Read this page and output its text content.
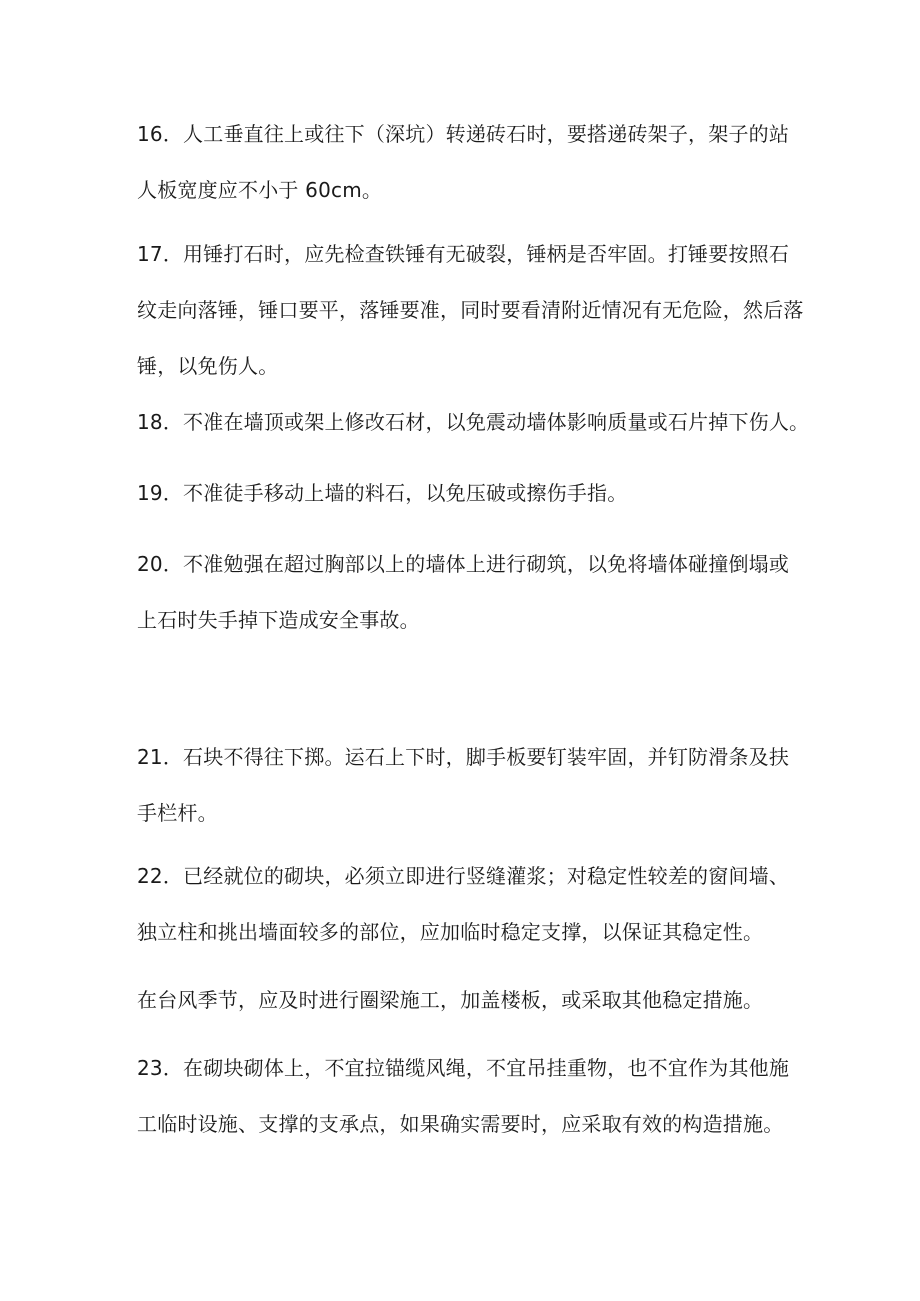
16．人工垂直往上或往下（深坑）转递砖石时，要搭递砖架子，架子的站
人板宽度应不小于 60cm。

17．用锤打石时，应先检查铁锤有无破裂，锤柄是否牢固。打锤要按照石
纹走向落锤，锤口要平，落锤要准，同时要看清附近情况有无危险，然后落
锤，以免伤人。

18．不准在墙顶或架上修改石材，以免震动墙体影响质量或石片掉下伤人。

19．不准徒手移动上墙的料石，以免压破或擦伤手指。

20．不准勉强在超过胸部以上的墙体上进行砌筑，以免将墙体碰撞倒塌或
上石时失手掉下造成安全事故。

21．石块不得往下掷。运石上下时，脚手板要钉装牢固，并钉防滑条及扶
手栏杆。

22．已经就位的砌块，必须立即进行竖缝灌浆；对稳定性较差的窗间墙、
独立柱和挑出墙面较多的部位，应加临时稳定支撑，以保证其稳定性。

在台风季节，应及时进行圈梁施工，加盖楼板，或采取其他稳定措施。

23．在砌块砌体上，不宜拉锚缆风绳，不宜吊挂重物，也不宜作为其他施
工临时设施、支撑的支承点，如果确实需要时，应采取有效的构造措施。
